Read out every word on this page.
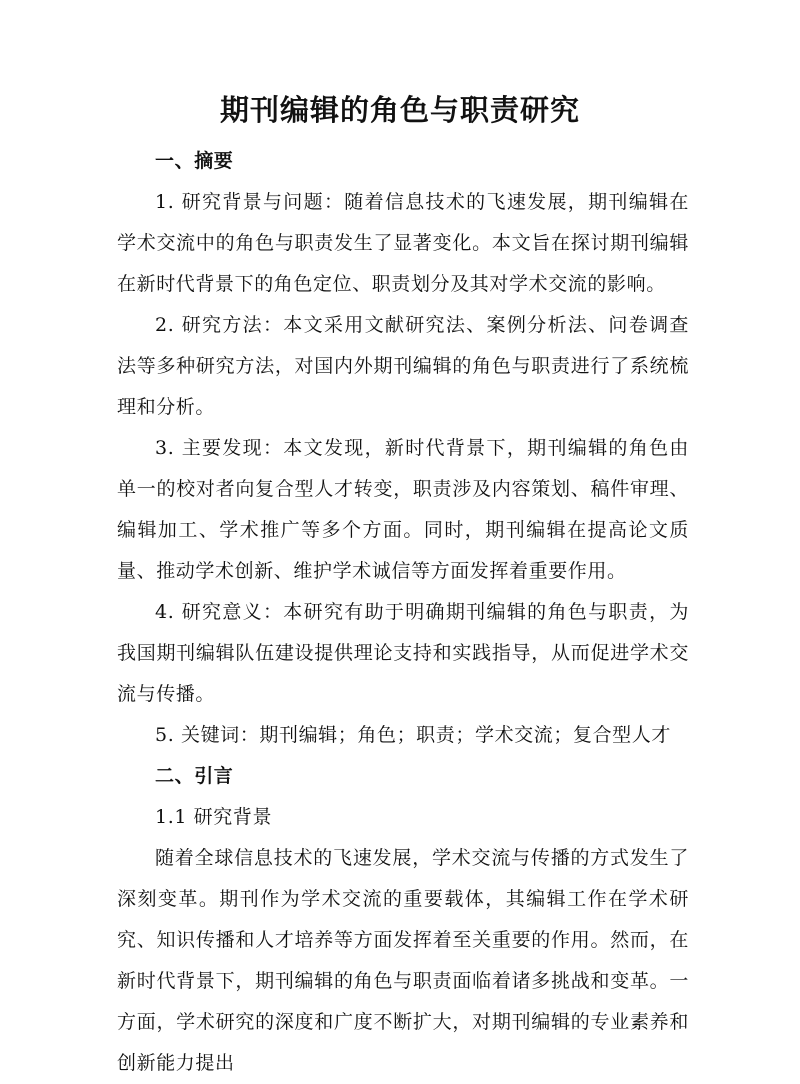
期刊编辑的角色与职责研究

一、摘要

1. 研究背景与问题：随着信息技术的飞速发展，期刊编辑在学术交流中的角色与职责发生了显著变化。本文旨在探讨期刊编辑在新时代背景下的角色定位、职责划分及其对学术交流的影响。

2. 研究方法：本文采用文献研究法、案例分析法、问卷调查法等多种研究方法，对国内外期刊编辑的角色与职责进行了系统梳理和分析。

3. 主要发现：本文发现，新时代背景下，期刊编辑的角色由单一的校对者向复合型人才转变，职责涉及内容策划、稿件审理、编辑加工、学术推广等多个方面。同时，期刊编辑在提高论文质量、推动学术创新、维护学术诚信等方面发挥着重要作用。

4. 研究意义：本研究有助于明确期刊编辑的角色与职责，为我国期刊编辑队伍建设提供理论支持和实践指导，从而促进学术交流与传播。

5. 关键词：期刊编辑；角色；职责；学术交流；复合型人才

二、引言

1.1 研究背景

随着全球信息技术的飞速发展，学术交流与传播的方式发生了深刻变革。期刊作为学术交流的重要载体，其编辑工作在学术研究、知识传播和人才培养等方面发挥着至关重要的作用。然而，在新时代背景下，期刊编辑的角色与职责面临着诸多挑战和变革。一方面，学术研究的深度和广度不断扩大，对期刊编辑的专业素养和创新能力提出
